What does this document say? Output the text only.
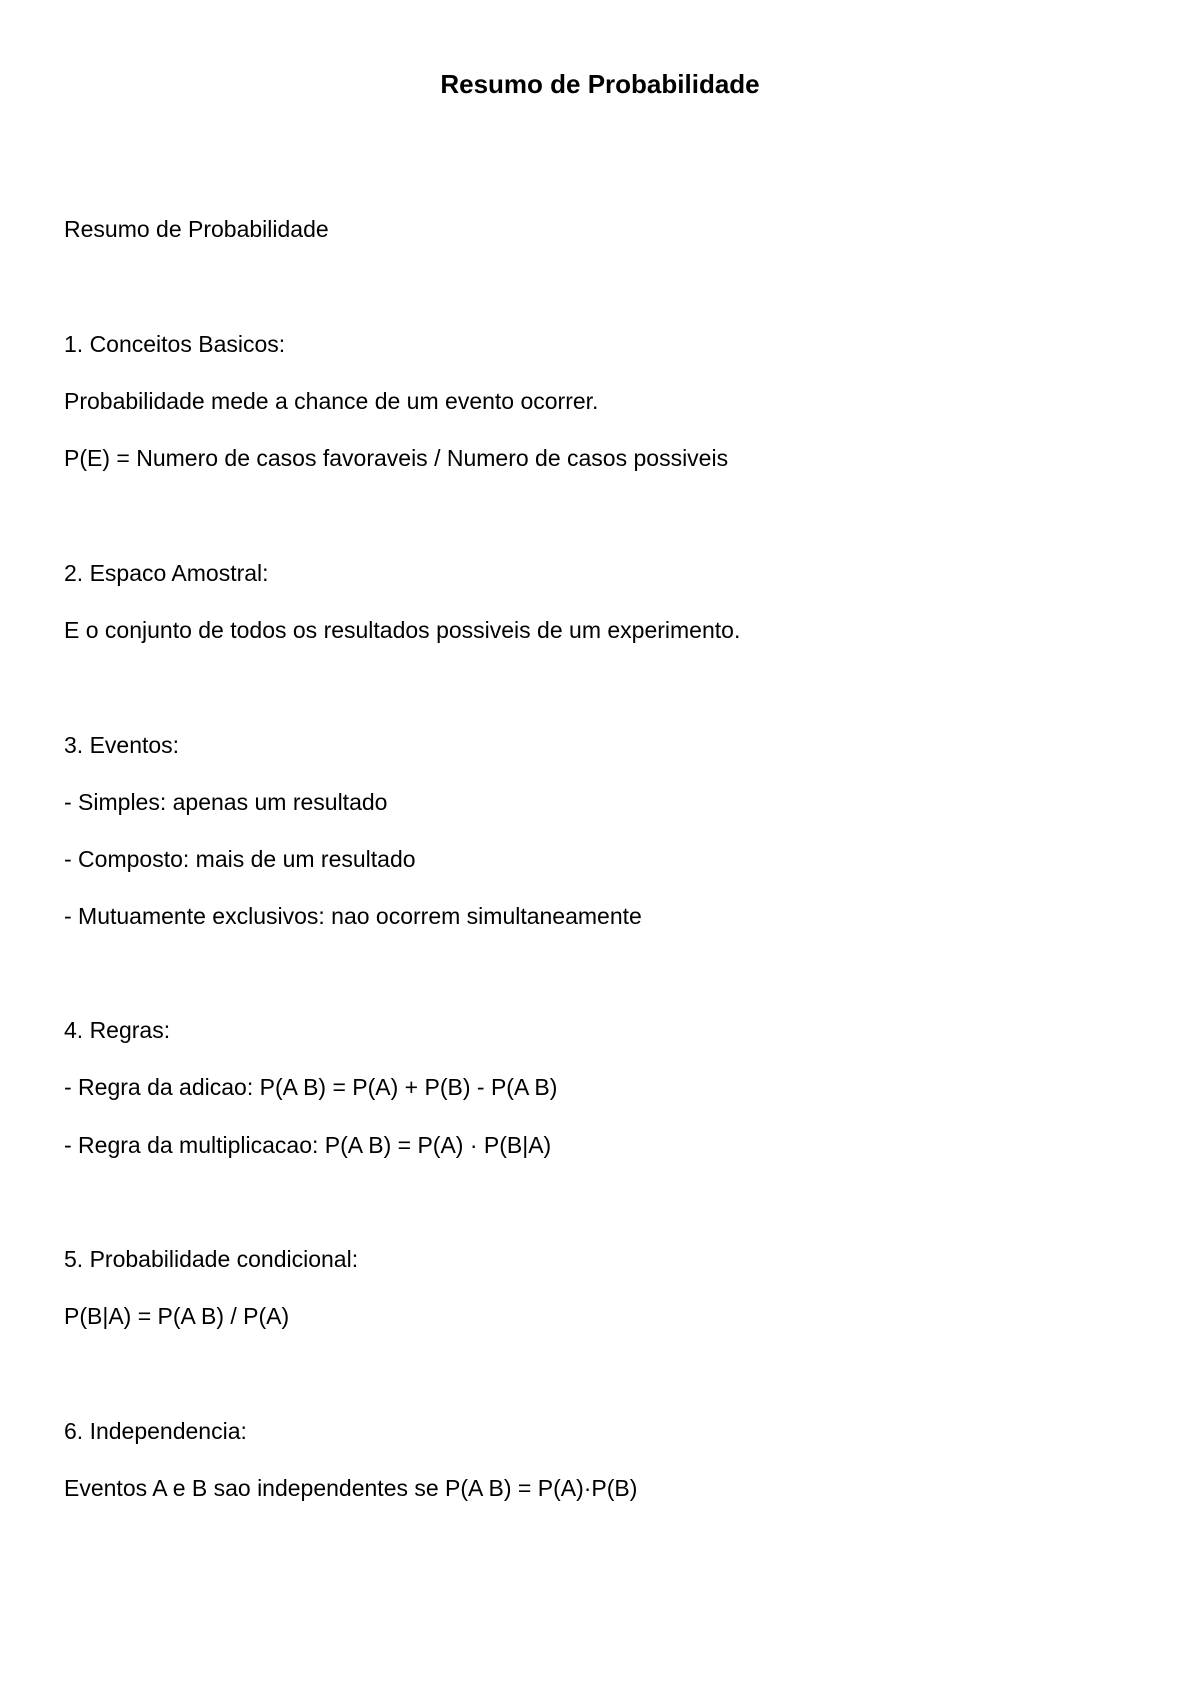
Resumo de Probabilidade
Resumo de Probabilidade
1. Conceitos Basicos:
Probabilidade mede a chance de um evento ocorrer.
P(E) = Numero de casos favoraveis / Numero de casos possiveis
2. Espaco Amostral:
E o conjunto de todos os resultados possiveis de um experimento.
3. Eventos:
- Simples: apenas um resultado
- Composto: mais de um resultado
- Mutuamente exclusivos: nao ocorrem simultaneamente
4. Regras:
- Regra da adicao: P(A B) = P(A) + P(B) - P(A B)
- Regra da multiplicacao: P(A B) = P(A) · P(B|A)
5. Probabilidade condicional:
P(B|A) = P(A B) / P(A)
6. Independencia:
Eventos A e B sao independentes se P(A B) = P(A)·P(B)
